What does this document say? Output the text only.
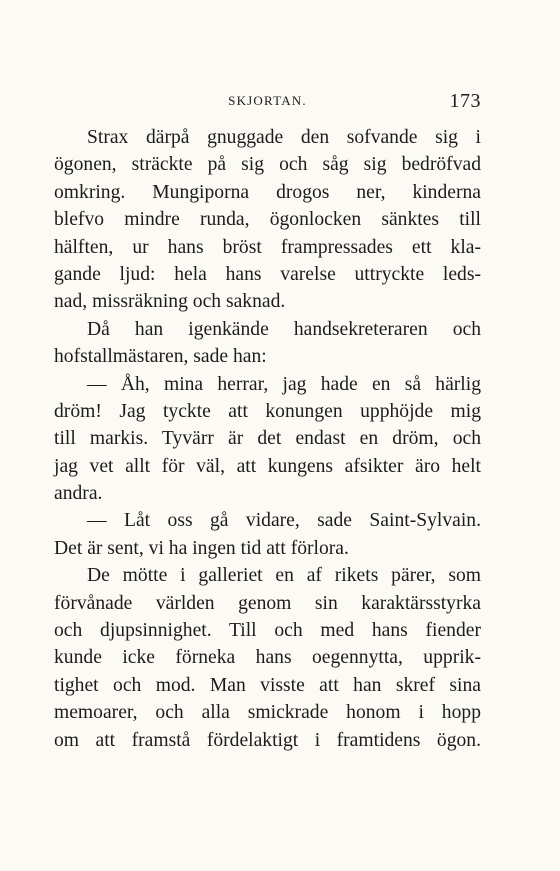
SKJORTAN.	173
Strax därpå gnuggade den sofvande sig i
ögonen, sträckte på sig och såg sig bedröfvad
omkring. Mungiporna drogos ner, kinderna
blefvo mindre runda, ögonlocken sänktes till
hälften, ur hans bröst frampressades ett kla-
gande ljud: hela hans varelse uttryckte leds-
nad, missräkning och saknad.
Då han igenkände handsekreteraren och
hofstallmästaren, sade han:
— Åh, mina herrar, jag hade en så härlig
dröm! Jag tyckte att konungen upphöjde mig
till markis. Tyvärr är det endast en dröm, och
jag vet allt för väl, att kungens afsikter äro helt
andra.
— Låt oss gå vidare, sade Saint-Sylvain.
Det är sent, vi ha ingen tid att förlora.
De mötte i galleriet en af rikets pärer, som
förvånade världen genom sin karaktärsstyrka
och djupsinnighet. Till och med hans fiender
kunde icke förneka hans oegennytta, upprik-
tighet och mod. Man visste att han skref sina
memoarer, och alla smickrade honom i hopp
om att framstå fördelaktigt i framtidens ögon.
